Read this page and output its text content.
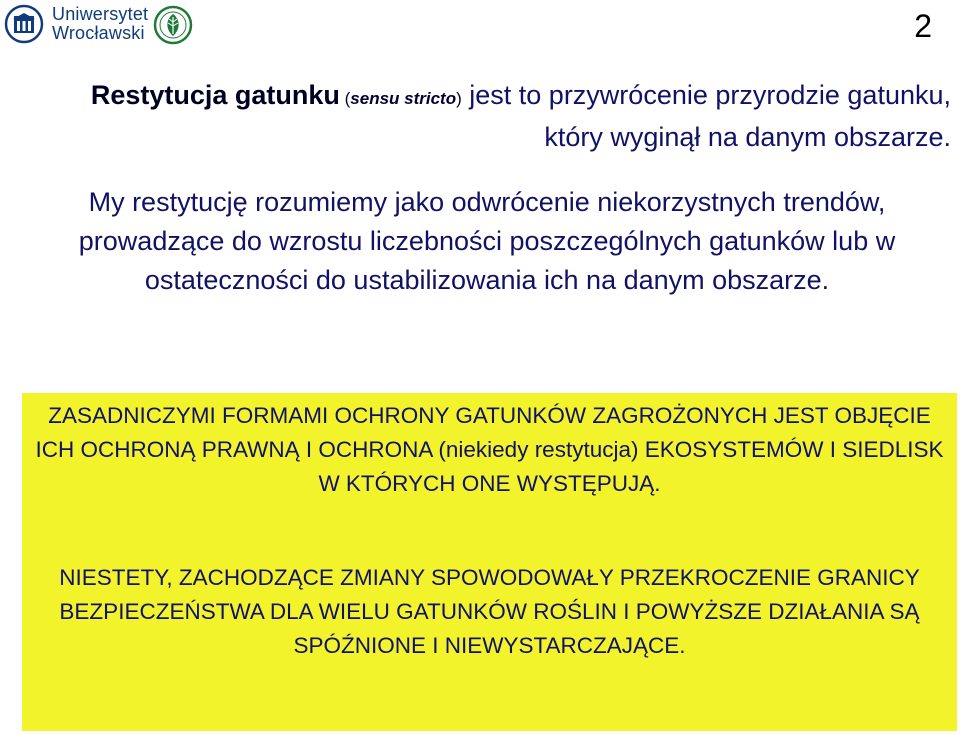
Uniwersytet
Wrocławski	2
Restytucja gatunku (sensu stricto) jest to przywrócenie przyrodzie gatunku, który wyginął na danym obszarze.
My restytucję rozumiemy jako odwrócenie niekorzystnych trendów, prowadzące do wzrostu liczebności poszczególnych gatunków lub w ostateczności do ustabilizowania ich na danym obszarze.

ZASADNICZYMI FORMAMI OCHRONY GATUNKÓW ZAGROŻONYCH JEST OBJĘCIE ICH OCHRONĄ PRAWNĄ I OCHRONA (niekiedy restytucja) EKOSYSTEMÓW I SIEDLISK W KTÓRYCH ONE WYSTĘPUJĄ.

NIESTETY, ZACHODZĄCE ZMIANY SPOWODOWAŁY PRZEKROCZENIE GRANICY BEZPIECZEŃSTWA DLA WIELU GATUNKÓW ROŚLIN I POWYŻSZE DZIAŁANIA SĄ SPÓŹNIONE I NIEWYSTARCZAJĄCE.
